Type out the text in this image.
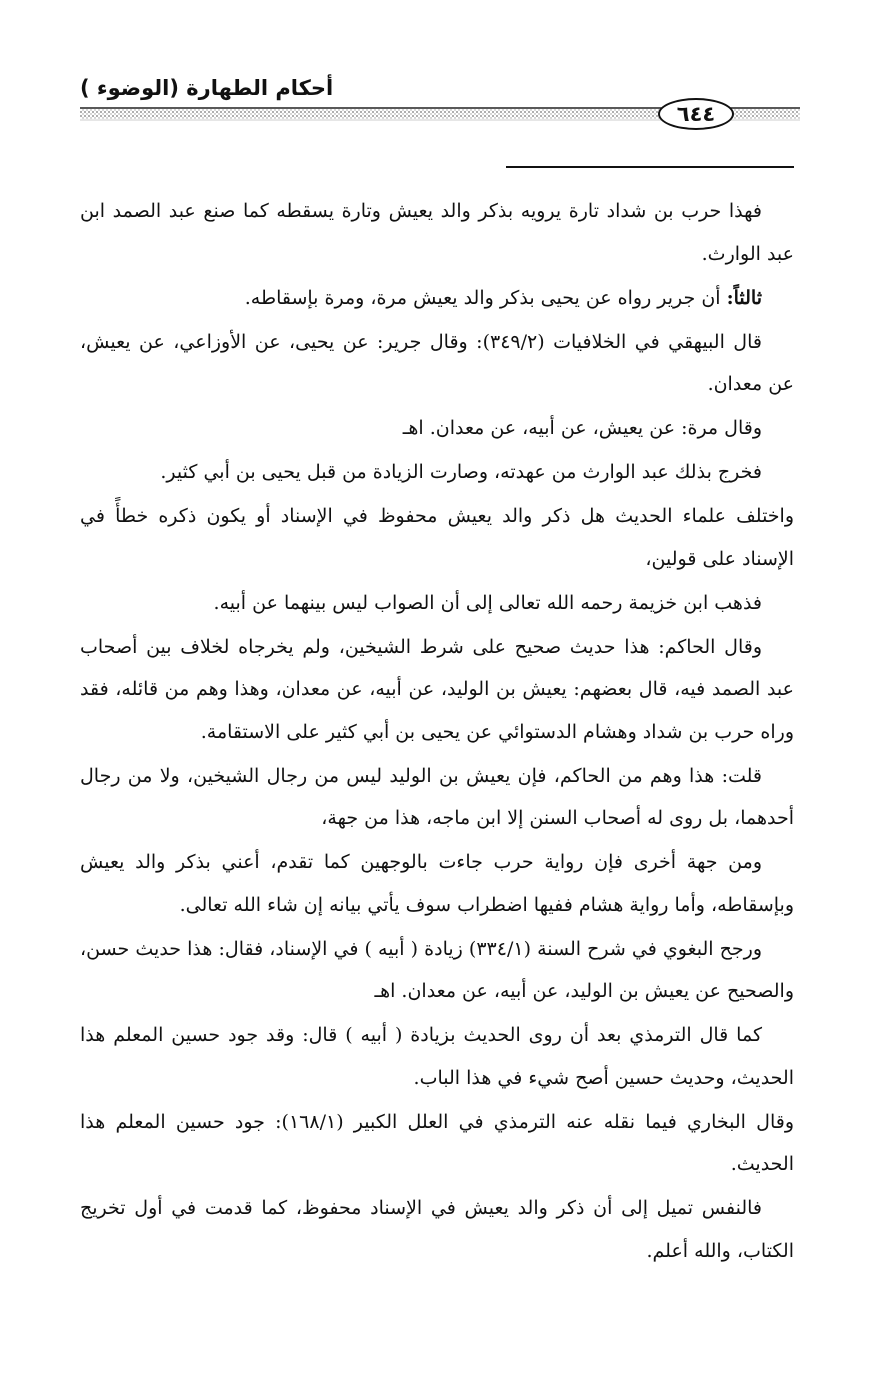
أحكام الطهارة (الوضوء )
٦٤٤

فهذا حرب بن شداد تارة يرويه بذكر والد يعيش وتارة يسقطه كما صنع عبد الصمد ابن عبد الوارث.

ثالثاً: أن جرير رواه عن يحيى بذكر والد يعيش مرة، ومرة بإسقاطه.

قال البيهقي في الخلافيات (٣٤٩/٢): وقال جرير: عن يحيى، عن الأوزاعي، عن يعيش، عن معدان.

وقال مرة: عن يعيش، عن أبيه، عن معدان. اهـ

فخرج بذلك عبد الوارث من عهدته، وصارت الزيادة من قبل يحيى بن أبي كثير.

واختلف علماء الحديث هل ذكر والد يعيش محفوظ في الإسناد أو يكون ذكره خطأً في الإسناد على قولين،

فذهب ابن خزيمة رحمه الله تعالى إلى أن الصواب ليس بينهما عن أبيه.

وقال الحاكم: هذا حديث صحيح على شرط الشيخين، ولم يخرجاه لخلاف بين أصحاب عبد الصمد فيه، قال بعضهم: يعيش بن الوليد، عن أبيه، عن معدان، وهذا وهم من قائله، فقد وراه حرب بن شداد وهشام الدستوائي عن يحيى بن أبي كثير على الاستقامة.

قلت: هذا وهم من الحاكم، فإن يعيش بن الوليد ليس من رجال الشيخين، ولا من رجال أحدهما، بل روى له أصحاب السنن إلا ابن ماجه، هذا من جهة،

ومن جهة أخرى فإن رواية حرب جاءت بالوجهين كما تقدم، أعني بذكر والد يعيش وبإسقاطه، وأما رواية هشام ففيها اضطراب سوف يأتي بيانه إن شاء الله تعالى.

ورجح البغوي في شرح السنة (٣٣٤/١) زيادة ( أبيه ) في الإسناد، فقال: هذا حديث حسن، والصحيح عن يعيش بن الوليد، عن أبيه، عن معدان. اهـ

كما قال الترمذي بعد أن روى الحديث بزيادة ( أبيه ) قال: وقد جود حسين المعلم هذا الحديث، وحديث حسين أصح شيء في هذا الباب.

وقال البخاري فيما نقله عنه الترمذي في العلل الكبير (١٦٨/١): جود حسين المعلم هذا الحديث.

فالنفس تميل إلى أن ذكر والد يعيش في الإسناد محفوظ، كما قدمت في أول تخريج الكتاب، والله أعلم.
